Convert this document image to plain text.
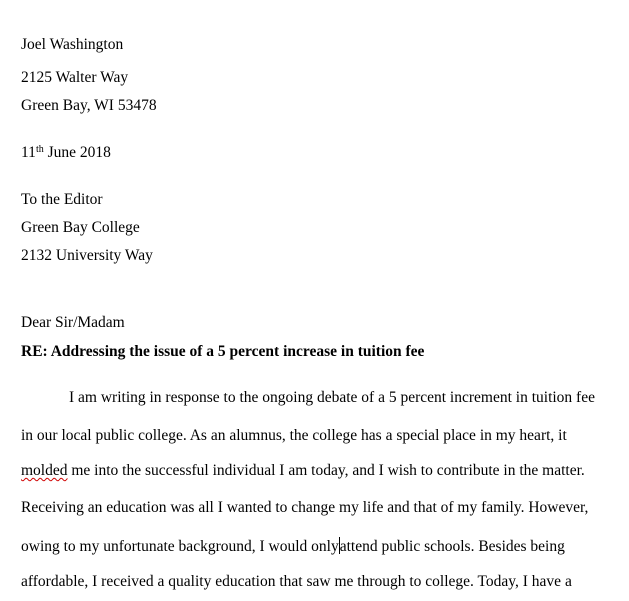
Joel Washington
2125 Walter Way
Green Bay, WI 53478
11th June 2018
To the Editor
Green Bay College
2132 University Way
Dear Sir/Madam
RE: Addressing the issue of a 5 percent increase in tuition fee
I am writing in response to the ongoing debate of a 5 percent increment in tuition fee
in our local public college. As an alumnus, the college has a special place in my heart, it
molded me into the successful individual I am today, and I wish to contribute in the matter.
Receiving an education was all I wanted to change my life and that of my family. However,
owing to my unfortunate background, I would onlyattend public schools. Besides being
affordable, I received a quality education that saw me through to college. Today, I have a
